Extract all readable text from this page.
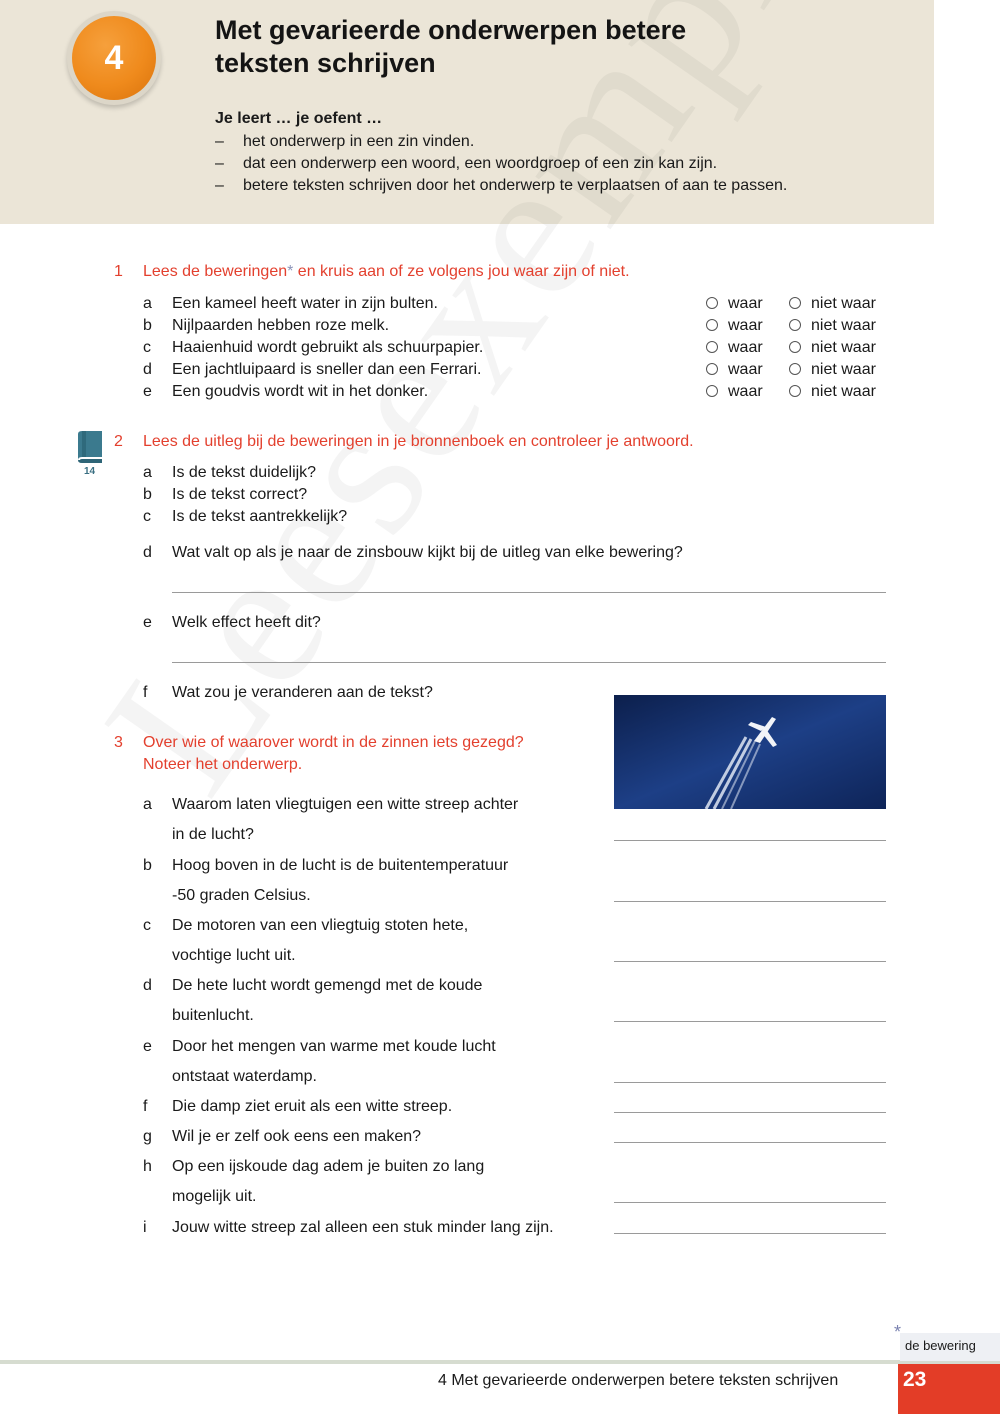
4
Met gevarieerde onderwerpen betere
teksten schrijven
Je leert … je oefent …
– het onderwerp in een zin vinden.
– dat een onderwerp een woord, een woordgroep of een zin kan zijn.
– betere teksten schrijven door het onderwerp te verplaatsen of aan te passen.
1 Lees de beweringen* en kruis aan of ze volgens jou waar zijn of niet.
a Een kameel heeft water in zijn bulten.	waar	niet waar
b Nijlpaarden hebben roze melk.	waar	niet waar
c Haaienhuid wordt gebruikt als schuurpapier.	waar	niet waar
d Een jachtluipaard is sneller dan een Ferrari.	waar	niet waar
e Een goudvis wordt wit in het donker.	waar	niet waar
14
2 Lees de uitleg bij de beweringen in je bronnenboek en controleer je antwoord.
a Is de tekst duidelijk?
b Is de tekst correct?
c Is de tekst aantrekkelijk?
d Wat valt op als je naar de zinsbouw kijkt bij de uitleg van elke bewering?
e Welk effect heeft dit?
f Wat zou je veranderen aan de tekst?
3 Over wie of waarover wordt in de zinnen iets gezegd?
Noteer het onderwerp.
a Waarom laten vliegtuigen een witte streep achter
in de lucht?
b Hoog boven in de lucht is de buitentemperatuur
-50 graden Celsius.
c De motoren van een vliegtuig stoten hete,
vochtige lucht uit.
d De hete lucht wordt gemengd met de koude
buitenlucht.
e Door het mengen van warme met koude lucht
ontstaat waterdamp.
f Die damp ziet eruit als een witte streep.
g Wil je er zelf ook eens een maken?
h Op een ijskoude dag adem je buiten zo lang
mogelijk uit.
i Jouw witte streep zal alleen een stuk minder lang zijn.
*
de bewering
4 Met gevarieerde onderwerpen betere teksten schrijven	23
